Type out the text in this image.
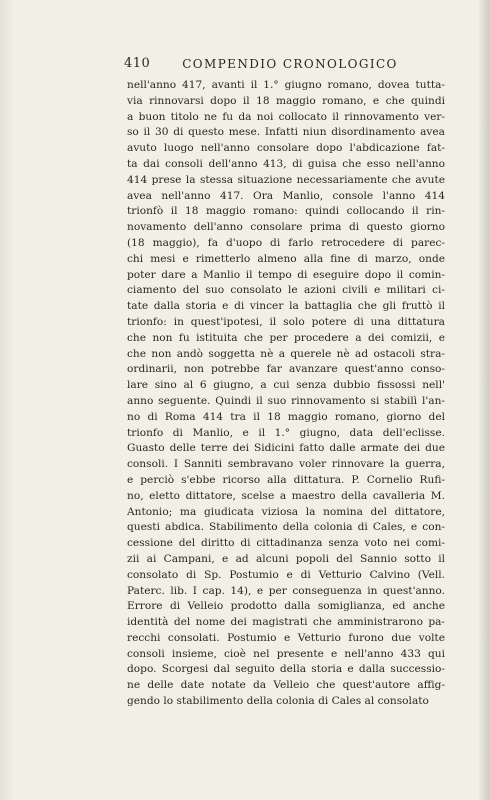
410	COMPENDIO CRONOLOGICO
nell'anno 417, avanti il 1.° giugno romano, dovea tutta-
via rinnovarsi dopo il 18 maggio romano, e che quindi
a buon titolo ne fu da noi collocato il rinnovamento ver-
so il 30 di questo mese. Infatti niun disordinamento avea
avuto luogo nell'anno consolare dopo l'abdicazione fat-
ta dai consoli dell'anno 413, di guisa che esso nell'anno
414 prese la stessa situazione necessariamente che avute
avea nell'anno 417. Ora Manlio, console l'anno 414
trionfò il 18 maggio romano: quindi collocando il rin-
novamento dell'anno consolare prima di questo giorno
(18 maggio), fa d'uopo di farlo retrocedere di parec-
chi mesi e rimetterlo almeno alla fine di marzo, onde
poter dare a Manlio il tempo di eseguire dopo il comin-
ciamento del suo consolato le azioni civili e militari ci-
tate dalla storia e di vincer la battaglia che gli fruttò il
trionfo: in quest'ipotesi, il solo potere di una dittatura
che non fu istituita che per procedere a dei comizii, e
che non andò soggetta nè a querele nè ad ostacoli stra-
ordinarii, non potrebbe far avanzare quest'anno conso-
lare sino al 6 giugno, a cui senza dubbio fissossi nell'
anno seguente. Quindi il suo rinnovamento si stabilì l'an-
no di Roma 414 tra il 18 maggio romano, giorno del
trionfo di Manlio, e il 1.° giugno, data dell'eclisse.
Guasto delle terre dei Sidicini fatto dalle armate dei due
consoli. I Sanniti sembravano voler rinnovare la guerra,
e perciò s'ebbe ricorso alla dittatura. P. Cornelio Rufi-
no, eletto dittatore, scelse a maestro della cavalleria M.
Antonio; ma giudicata viziosa la nomina del dittatore,
questi abdica. Stabilimento della colonia di Cales, e con-
cessione del diritto di cittadinanza senza voto nei comi-
zii ai Campani, e ad alcuni popoli del Sannio sotto il
consolato di Sp. Postumio e di Vetturio Calvino (Vell.
Paterc. lib. I cap. 14), e per conseguenza in quest'anno.
Errore di Velleio prodotto dalla somiglianza, ed anche
identità del nome dei magistrati che amministrarono pa-
recchi consolati. Postumio e Vetturio furono due volte
consoli insieme, cioè nel presente e nell'anno 433 qui
dopo. Scorgesi dal seguito della storia e dalla successio-
ne delle date notate da Velleio che quest'autore affig-
gendo lo stabilimento della colonia di Cales al consolato
